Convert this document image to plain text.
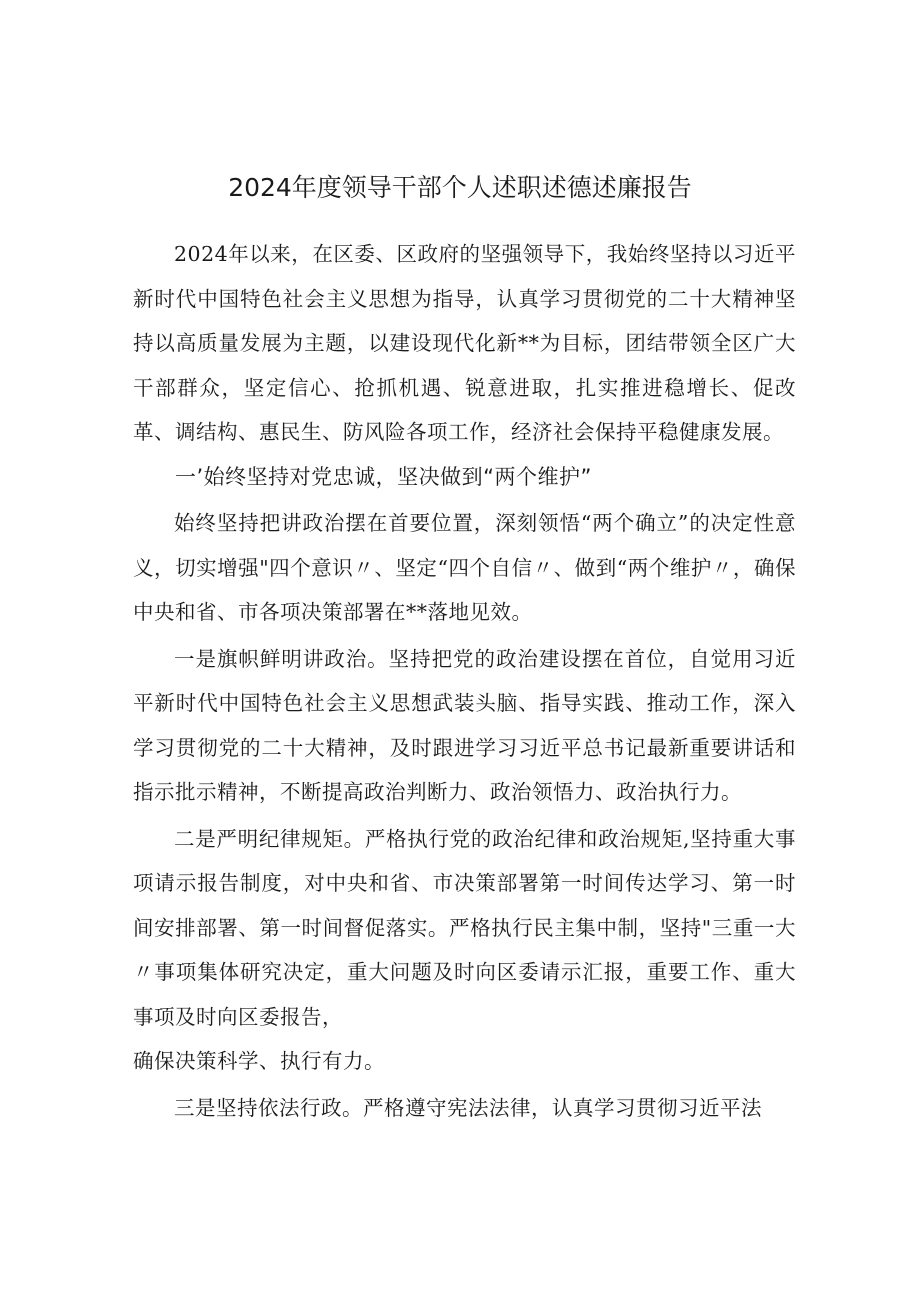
2024年度领导干部个人述职述德述廉报告

2024年以来，在区委、区政府的坚强领导下，我始终坚持以习近平新时代中国特色社会主义思想为指导，认真学习贯彻党的二十大精神坚持以高质量发展为主题，以建设现代化新**为目标，团结带领全区广大干部群众，坚定信心、抢抓机遇、锐意进取，扎实推进稳增长、促改革、调结构、惠民生、防风险各项工作，经济社会保持平稳健康发展。

一’始终坚持对党忠诚，坚决做到“两个维护”

始终坚持把讲政治摆在首要位置，深刻领悟“两个确立”的决定性意义，切实增强"四个意识〃、坚定“四个自信〃、做到“两个维护〃，确保中央和省、市各项决策部署在**落地见效。

一是旗帜鲜明讲政治。坚持把党的政治建设摆在首位，自觉用习近平新时代中国特色社会主义思想武装头脑、指导实践、推动工作，深入学习贯彻党的二十大精神，及时跟进学习习近平总书记最新重要讲话和指示批示精神，不断提高政治判断力、政治领悟力、政治执行力。

二是严明纪律规矩。严格执行党的政治纪律和政治规矩,坚持重大事项请示报告制度，对中央和省、市决策部署第一时间传达学习、第一时间安排部署、第一时间督促落实。严格执行民主集中制，坚持"三重一大〃事项集体研究决定，重大问题及时向区委请示汇报，重要工作、重大事项及时向区委报告，

确保决策科学、执行有力。

三是坚持依法行政。严格遵守宪法法律，认真学习贯彻习近平法
